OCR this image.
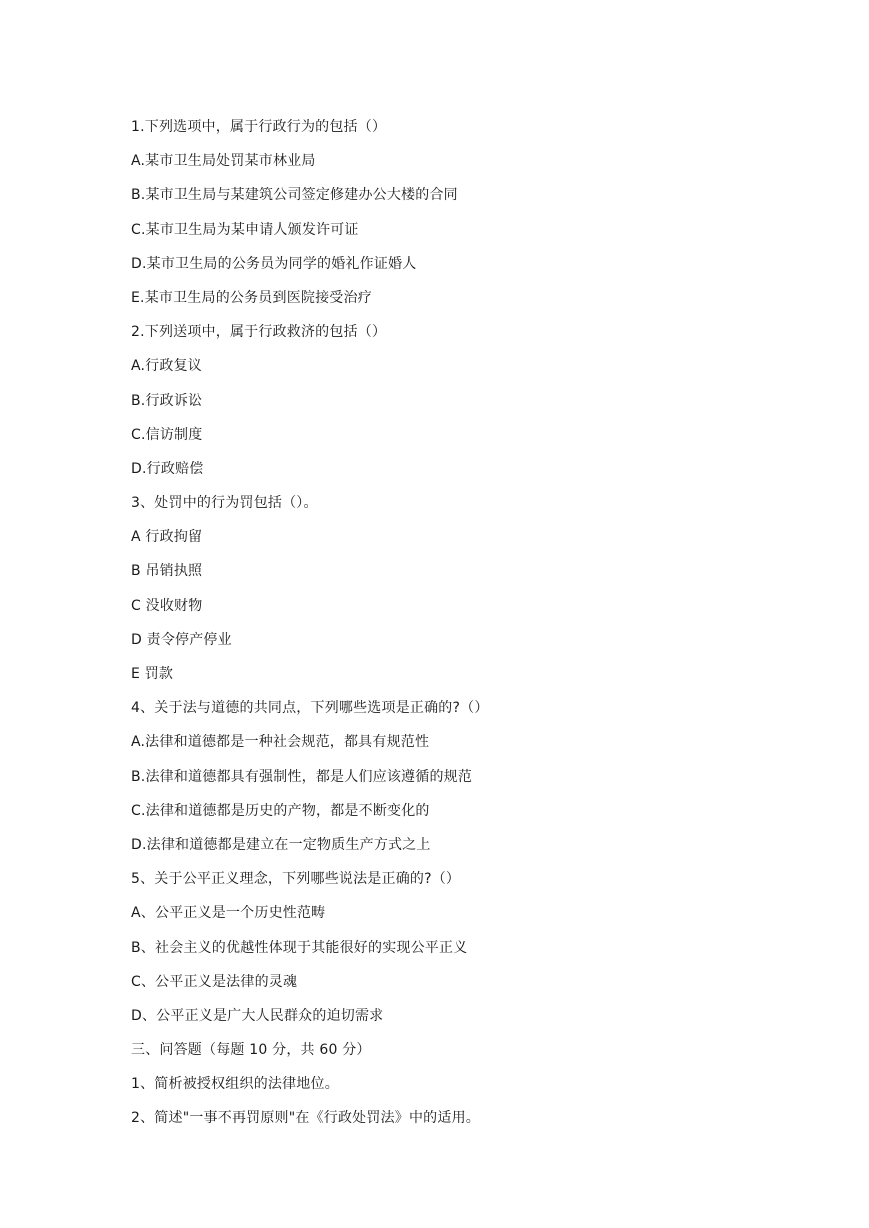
1.下列选项中，属于行政行为的包括（）
A.某市卫生局处罚某市林业局
B.某市卫生局与某建筑公司签定修建办公大楼的合同
C.某市卫生局为某申请人颁发许可证
D.某市卫生局的公务员为同学的婚礼作证婚人
E.某市卫生局的公务员到医院接受治疗
2.下列送项中，属于行政救济的包括（）
A.行政复议
B.行政诉讼
C.信访制度
D.行政赔偿
3、处罚中的行为罚包括（）。
A 行政拘留
B 吊销执照
C 没收财物
D 责令停产停业
E 罚款
4、关于法与道德的共同点，下列哪些选项是正确的?（）
A.法律和道德都是一种社会规范，都具有规范性
B.法律和道德都具有强制性，都是人们应该遵循的规范
C.法律和道德都是历史的产物，都是不断变化的
D.法律和道德都是建立在一定物质生产方式之上
5、关于公平正义理念，下列哪些说法是正确的?（）
A、公平正义是一个历史性范畴
B、社会主义的优越性体现于其能很好的实现公平正义
C、公平正义是法律的灵魂
D、公平正义是广大人民群众的迫切需求
三、问答题（每题 10 分，共 60 分）
1、简析被授权组织的法律地位。
2、简述"一事不再罚原则"在《行政处罚法》中的适用。
